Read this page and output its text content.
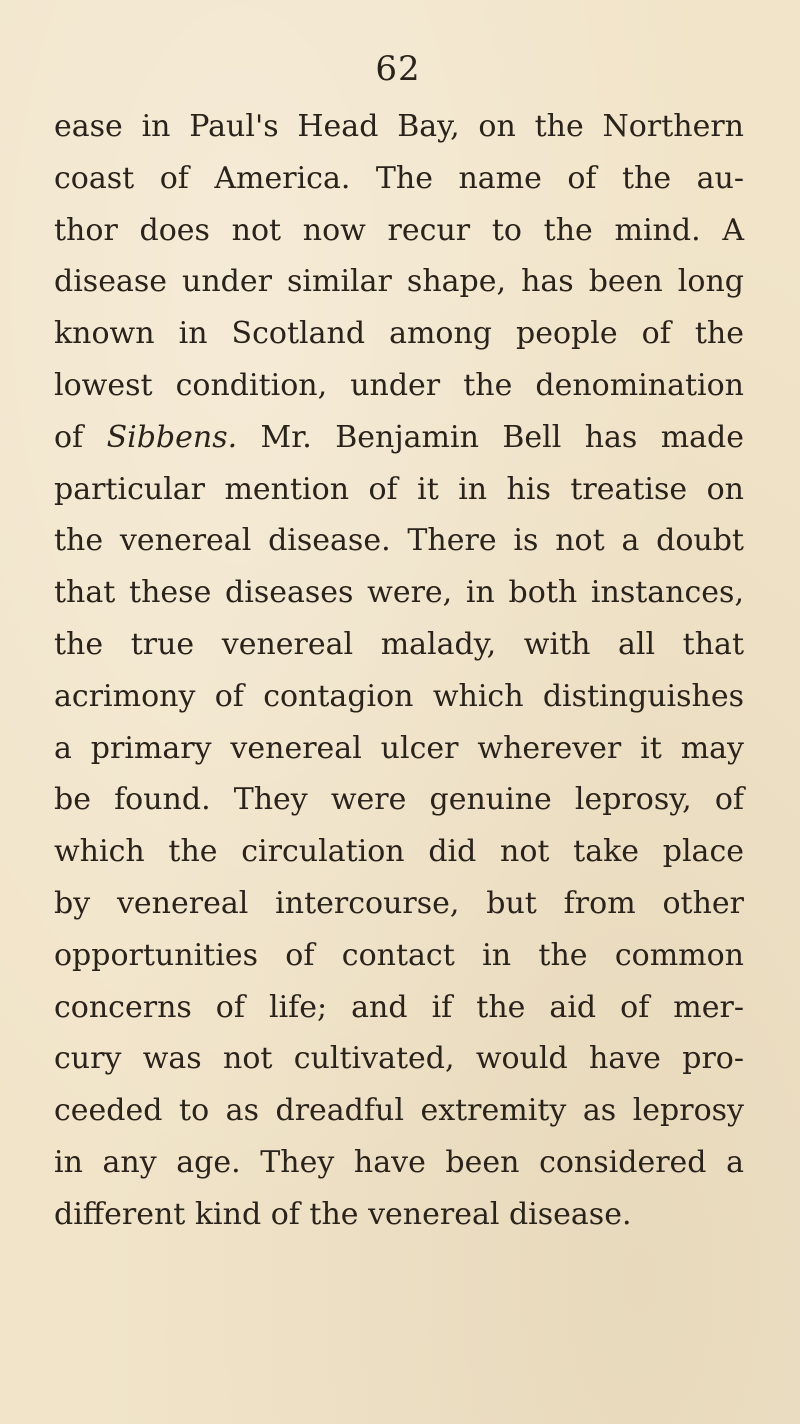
62
ease in Paul's Head Bay, on the Northern
coast of America. The name of the au-
thor does not now recur to the mind. A
disease under similar shape, has been long
known in Scotland among people of the
lowest condition, under the denomination
of Sibbens. Mr. Benjamin Bell has made
particular mention of it in his treatise on
the venereal disease. There is not a doubt
that these diseases were, in both instances,
the true venereal malady, with all that
acrimony of contagion which distinguishes
a primary venereal ulcer wherever it may
be found. They were genuine leprosy, of
which the circulation did not take place
by venereal intercourse, but from other
opportunities of contact in the common
concerns of life; and if the aid of mer-
cury was not cultivated, would have pro-
ceeded to as dreadful extremity as leprosy
in any age. They have been considered a
different kind of the venereal disease.
